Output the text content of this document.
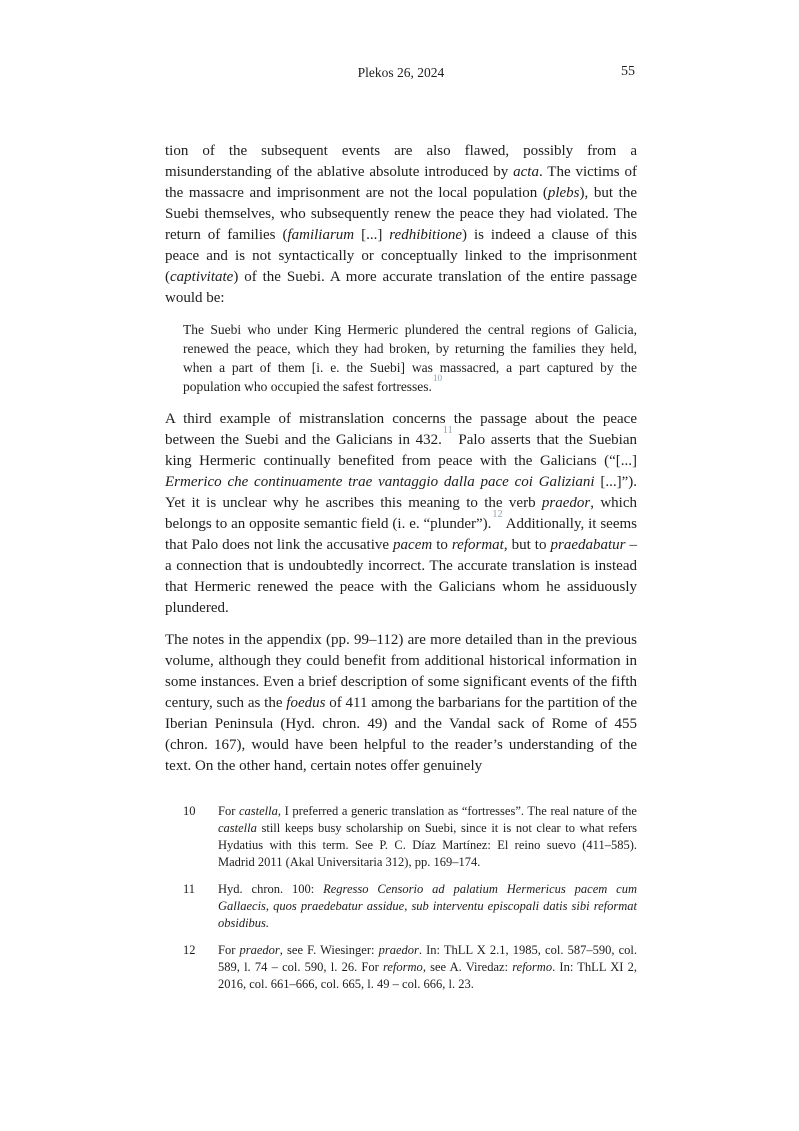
Plekos 26, 2024	55

tion of the subsequent events are also flawed, possibly from a misunderstanding of the ablative absolute introduced by acta. The victims of the massacre and imprisonment are not the local population (plebs), but the Suebi themselves, who subsequently renew the peace they had violated. The return of families (familiarum [...] redhibitione) is indeed a clause of this peace and is not syntactically or conceptually linked to the imprisonment (captivitate) of the Suebi. A more accurate translation of the entire passage would be:

The Suebi who under King Hermeric plundered the central regions of Galicia, renewed the peace, which they had broken, by returning the families they held, when a part of them [i. e. the Suebi] was massacred, a part captured by the population who occupied the safest fortresses.$^{10}$

A third example of mistranslation concerns the passage about the peace between the Suebi and the Galicians in 432.11 Palo asserts that the Suebian king Hermeric continually benefited from peace with the Galicians (“[...] Ermerico che continuamente trae vantaggio dalla pace coi Galiziani [...]”). Yet it is unclear why he ascribes this meaning to the verb praedor, which belongs to an opposite semantic field (i. e. “plunder”).$^{12}$ Additionally, it seems that Palo does not link the accusative pacem to reformat, but to praedabatur – a connection that is undoubtedly incorrect. The accurate translation is instead that Hermeric renewed the peace with the Galicians whom he assiduously plundered.

The notes in the appendix (pp. 99–112) are more detailed than in the previous volume, although they could benefit from additional historical information in some instances. Even a brief description of some significant events of the fifth century, such as the foedus of 411 among the barbarians for the partition of the Iberian Peninsula (Hyd. chron. 49) and the Vandal sack of Rome of 455 (chron. 167), would have been helpful to the reader’s understanding of the text. On the other hand, certain notes offer genuinely

10	For castella, I preferred a generic translation as “fortresses”. The real nature of the castella still keeps busy scholarship on Suebi, since it is not clear to what refers Hydatius with this term. See P. C. Díaz Martínez: El reino suevo (411–585). Madrid 2011 (Akal Universitaria 312), pp. 169–174.
11	Hyd. chron. 100: Regresso Censorio ad palatium Hermericus pacem cum Gallaecis, quos praedebatur assidue, sub interventu episcopali datis sibi reformat obsidibus.
12	For praedor, see F. Wiesinger: praedor. In: ThLL X 2.1, 1985, col. 587–590, col. 589, l. 74 – col. 590, l. 26. For reformo, see A. Viredaz: reformo. In: ThLL XI 2, 2016, col. 661–666, col. 665, l. 49 – col. 666, l. 23.
